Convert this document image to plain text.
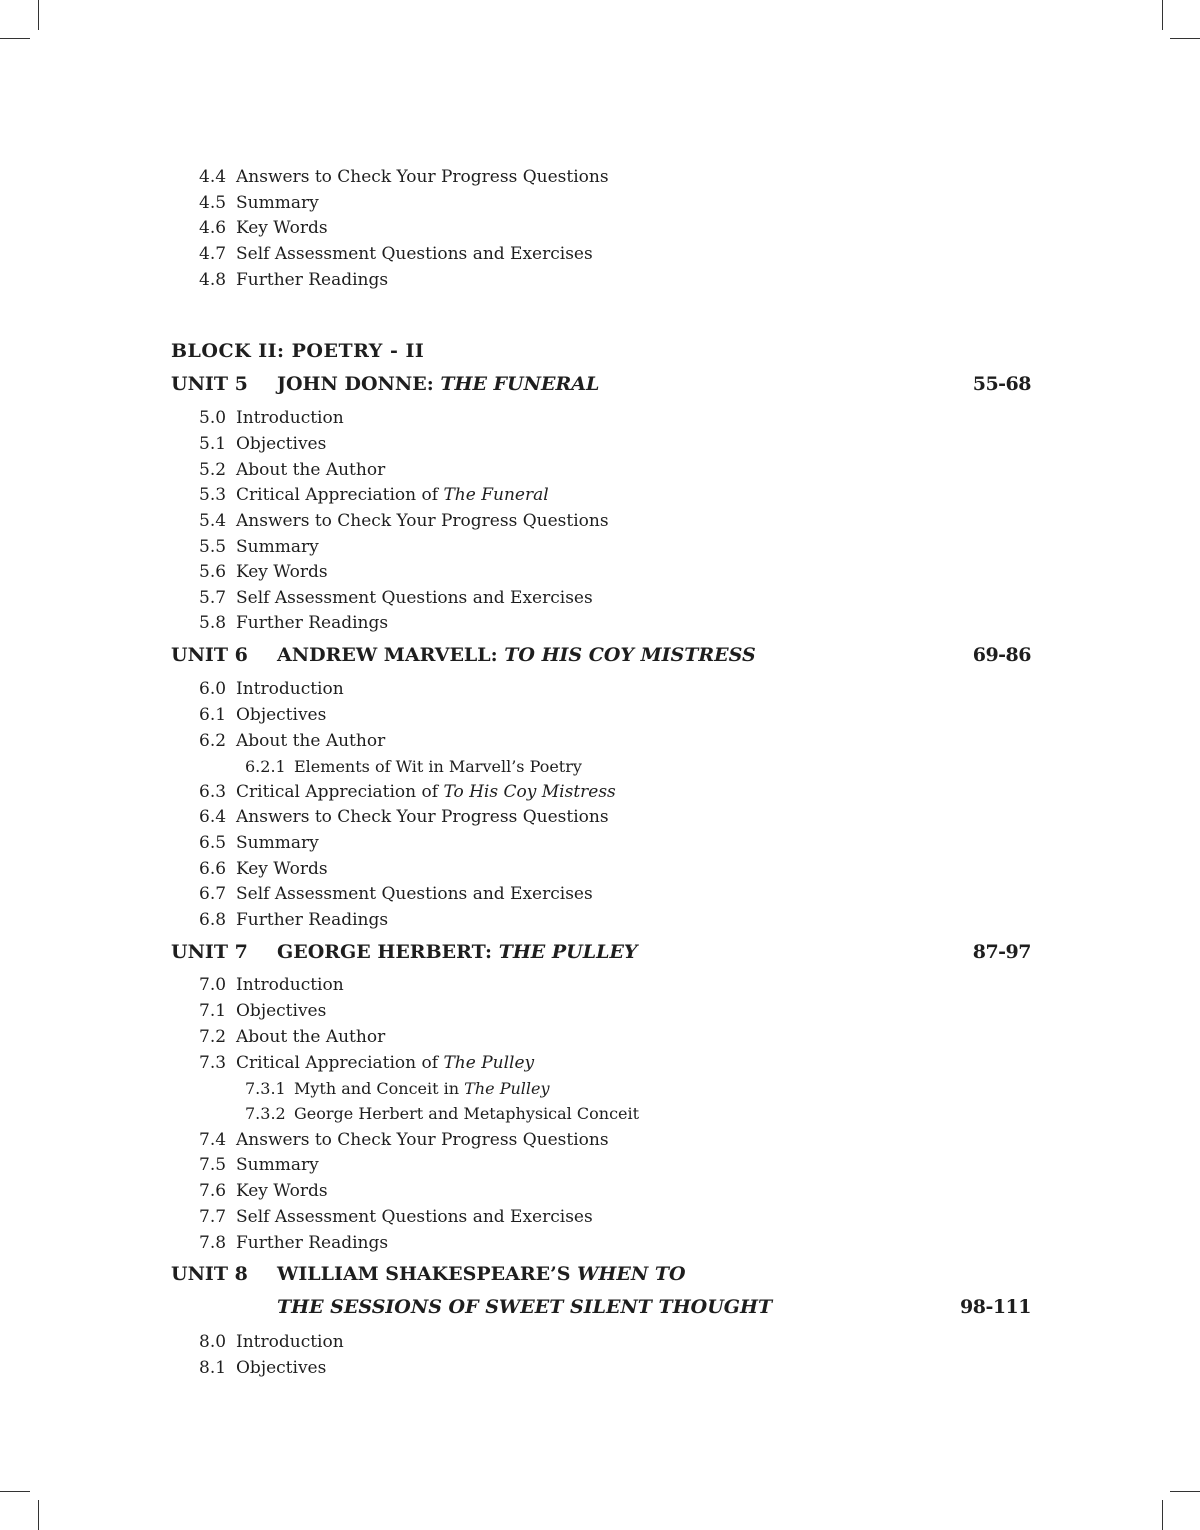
4.4 Answers to Check Your Progress Questions
4.5 Summary
4.6 Key Words
4.7 Self Assessment Questions and Exercises
4.8 Further Readings
BLOCK II: POETRY - II
UNIT 5 JOHN DONNE: THE FUNERAL	55-68
5.0 Introduction
5.1 Objectives
5.2 About the Author
5.3 Critical Appreciation of The Funeral
5.4 Answers to Check Your Progress Questions
5.5 Summary
5.6 Key Words
5.7 Self Assessment Questions and Exercises
5.8 Further Readings
UNIT 6 ANDREW MARVELL: TO HIS COY MISTRESS	69-86
6.0 Introduction
6.1 Objectives
6.2 About the Author
6.2.1 Elements of Wit in Marvell’s Poetry
6.3 Critical Appreciation of To His Coy Mistress
6.4 Answers to Check Your Progress Questions
6.5 Summary
6.6 Key Words
6.7 Self Assessment Questions and Exercises
6.8 Further Readings
UNIT 7 GEORGE HERBERT: THE PULLEY	87-97
7.0 Introduction
7.1 Objectives
7.2 About the Author
7.3 Critical Appreciation of The Pulley
7.3.1 Myth and Conceit in The Pulley
7.3.2 George Herbert and Metaphysical Conceit
7.4 Answers to Check Your Progress Questions
7.5 Summary
7.6 Key Words
7.7 Self Assessment Questions and Exercises
7.8 Further Readings
UNIT 8 WILLIAM SHAKESPEARE’S WHEN TO
THE SESSIONS OF SWEET SILENT THOUGHT	98-111
8.0 Introduction
8.1 Objectives
